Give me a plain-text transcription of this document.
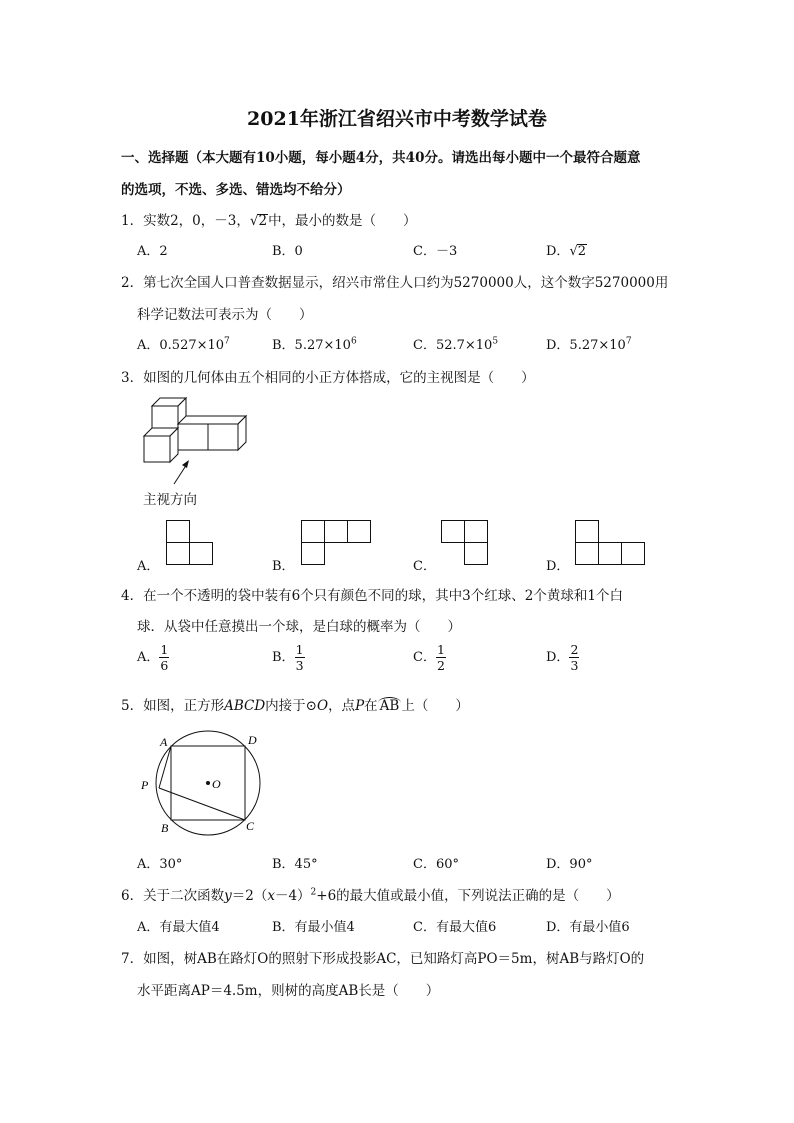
2021年浙江省绍兴市中考数学试卷
一、选择题（本大题有10小题，每小题4分，共40分。请选出每小题中一个最符合题意
的选项，不选、多选、错选均不给分）
1．实数2，0，－3，√2中，最小的数是（　　）
A．2	B．0	C．－3	D．√2
2．第七次全国人口普查数据显示，绍兴市常住人口约为5270000人，这个数字5270000用
科学记数法可表示为（　　）
A．$0.527\times 10^7$	B．$5.27\times 10^6$	C．$52.7\times 10^5$	D．$5.27\times 10^7$
3．如图的几何体由五个相同的小正方体搭成，它的主视图是（　　）
主视方向
A．	B．	C．	D．
4．在一个不透明的袋中装有6个只有颜色不同的球，其中3个红球、2个黄球和1个白
球．从袋中任意摸出一个球，是白球的概率为（　　）
A． $\frac{1}{6}$	B． $\frac{1}{3}$	C． $\frac{1}{2}$	D． $\frac{2}{3}$
5．如图，正方形ABCD内接于⊙O，点P在 AB 上（　　）
A	D
P	O
B	C
A．30°	B．45°	C．60°	D．90°
6．关于二次函数$y=2(x-4)^2+6$的最大值或最小值，下列说法正确的是（　　）
A．有最大值4	B．有最小值4	C．有最大值6	D．有最小值6
7．如图，树AB在路灯O的照射下形成投影AC，已知路灯高PO＝5m，树AB与路灯O的
水平距离AP＝4.5m，则树的高度AB长是（　　）
